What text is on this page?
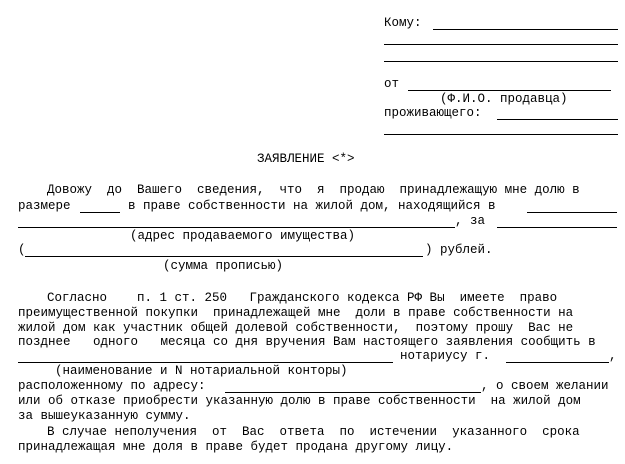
Кому:
от
(Ф.И.О. продавца)
проживающего:
ЗАЯВЛЕНИЕ <*>
Довожу  до  Вашего  сведения,  что  я  продаю  принадлежащую мне долю в
размере	в праве собственности на жилой дом, находящийся в
, за
(адрес продаваемого имущества)
(	) рублей.
(сумма прописью)
Согласно    п. 1 ст. 250   Гражданского кодекса РФ Вы  имеете  право
преимущественной покупки  принадлежащей мне  доли в праве собственности на
жилой дом как участник общей долевой собственности,  поэтому прошу  Вас не
позднее   одного   месяца со дня вручения Вам настоящего заявления сообщить в
нотариусу г.	,
(наименование и N нотариальной конторы)
расположенному по адресу:	, о своем желании
или об отказе приобрести указанную долю в праве собственности  на жилой дом
за вышеуказанную сумму.
В случае неполучения  от  Вас  ответа  по  истечении  указанного  срока
принадлежащая мне доля в праве будет продана другому лицу.
